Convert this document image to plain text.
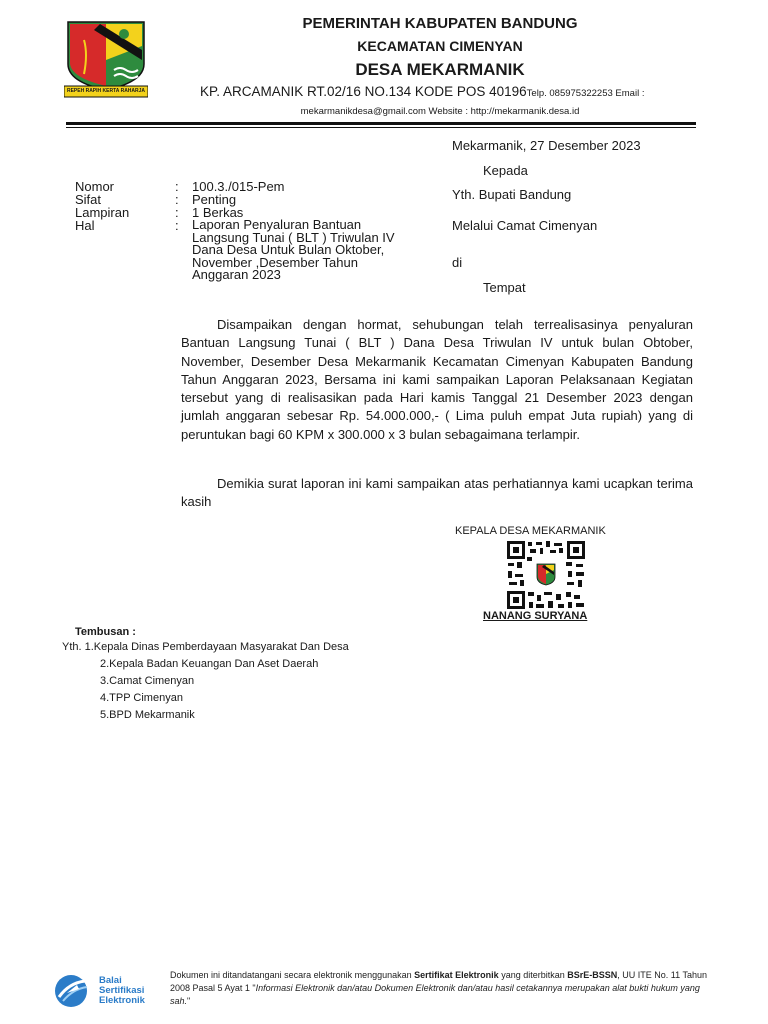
REPEH RAPIH KERTA RAHARJA
PEMERINTAH KABUPATEN BANDUNG
KECAMATAN CIMENYAN
DESA MEKARMANIK
KP. ARCAMANIK RT.02/16 NO.134 KODE POS 40196Telp. 085975322253 Email :
mekarmanikdesa@gmail.com Website : http://mekarmanik.desa.id
Mekarmanik, 27 Desember 2023
Kepada
Yth. Bupati Bandung
Melalui Camat Cimenyan
di
Tempat
Nomor	: 100.3./015-Pem
Sifat	: Penting
Lampiran	: 1 Berkas
Hal	: Laporan Penyaluran Bantuan
Langsung Tunai ( BLT ) Triwulan IV
Dana Desa Untuk Bulan Oktober,
November ,Desember Tahun
Anggaran 2023
Disampaikan dengan hormat, sehubungan telah terrealisasinya penyaluran Bantuan Langsung Tunai ( BLT ) Dana Desa Triwulan IV untuk bulan Obtober, November, Desember Desa Mekarmanik Kecamatan Cimenyan Kabupaten Bandung Tahun Anggaran 2023, Bersama ini kami sampaikan Laporan Pelaksanaan Kegiatan tersebut yang di realisasikan pada Hari kamis Tanggal 21 Desember 2023 dengan jumlah anggaran sebesar Rp. 54.000.000,- ( Lima puluh empat Juta rupiah) yang di peruntukan bagi 60 KPM x 300.000 x 3 bulan sebagaimana terlampir.
Demikia surat laporan ini kami sampaikan atas perhatiannya kami ucapkan terima kasih
KEPALA DESA MEKARMANIK
NANANG SURYANA
Tembusan :
Yth. 1.Kepala Dinas Pemberdayaan Masyarakat Dan Desa
2.Kepala Badan Keuangan Dan Aset Daerah
3.Camat Cimenyan
4.TPP Cimenyan
5.BPD Mekarmanik
Balai
Sertifikasi
Elektronik
Dokumen ini ditandatangani secara elektronik menggunakan Sertifikat Elektronik yang diterbitkan BSrE-BSSN, UU ITE No. 11 Tahun 2008 Pasal 5 Ayat 1 "Informasi Elektronik dan/atau Dokumen Elektronik dan/atau hasil cetakannya merupakan alat bukti hukum yang sah."
